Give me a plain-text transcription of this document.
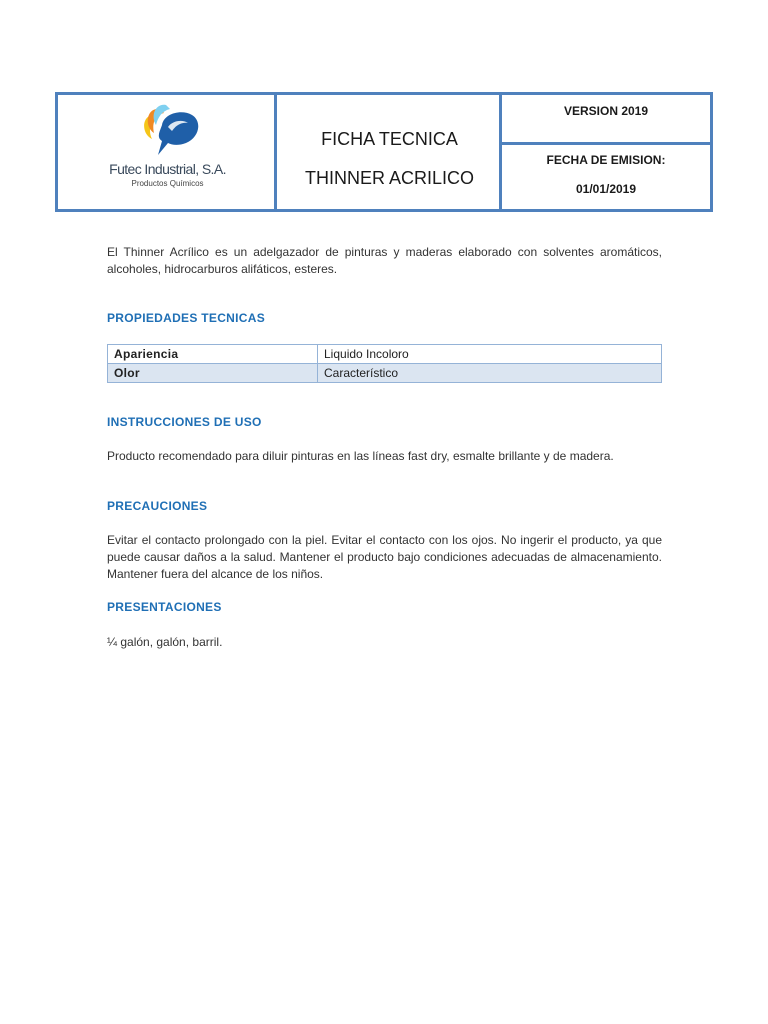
Futec Industrial, S.A.
Productos Químicos
FICHA TECNICA
THINNER ACRILICO
VERSION 2019
FECHA DE EMISION:
01/01/2019
El Thinner Acrílico es un adelgazador de pinturas y maderas elaborado con solventes aromáticos, alcoholes, hidrocarburos alifáticos, esteres.
PROPIEDADES TECNICAS
Apariencia	Liquido Incoloro
Olor	Característico
INSTRUCCIONES DE USO
Producto recomendado para diluir pinturas en las líneas fast dry, esmalte brillante y de madera.
PRECAUCIONES
Evitar el contacto prolongado con la piel. Evitar el contacto con los ojos. No ingerir el producto, ya que puede causar daños a la salud. Mantener el producto bajo condiciones adecuadas de almacenamiento. Mantener fuera del alcance de los niños.
PRESENTACIONES
¼ galón, galón, barril.
